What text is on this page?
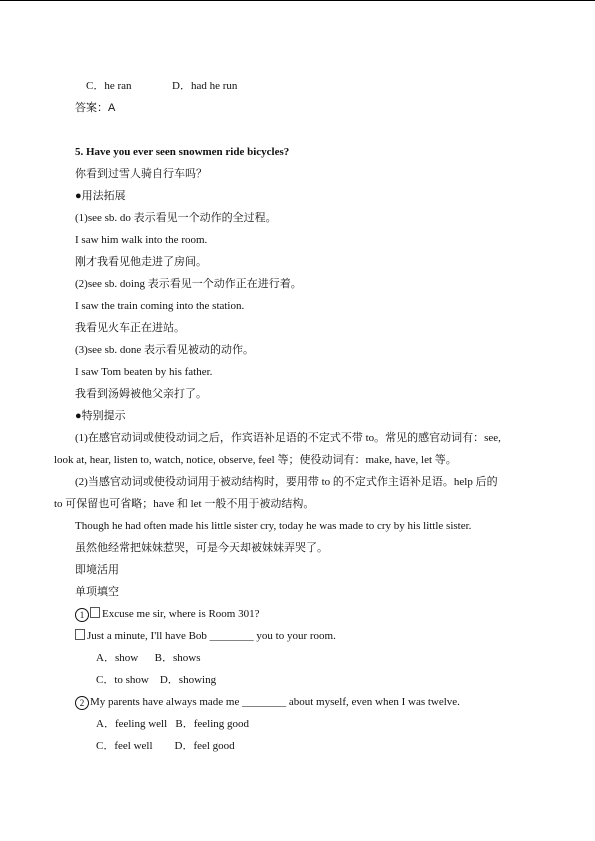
C．he ran	D．had he run
答案：A
5. Have you ever seen snowmen ride bicycles?
你看到过雪人骑自行车吗？
●用法拓展
(1)see sb. do 表示看见一个动作的全过程。
I saw him walk into the room.
刚才我看见他走进了房间。
(2)see sb. doing 表示看见一个动作正在进行着。
I saw the train coming into the station.
我看见火车正在进站。
(3)see sb. done 表示看见被动的动作。
I saw Tom beaten by his father.
我看到汤姆被他父亲打了。
●特别提示
(1)在感官动词或使役动词之后，作宾语补足语的不定式不带 to。常见的感官动词有：see,
look at, hear, listen to, watch, notice, observe, feel 等；使役动词有：make, have, let 等。
(2)当感官动词或使役动词用于被动结构时，要用带 to 的不定式作主语补足语。help 后的
to 可保留也可省略；have 和 let 一般不用于被动结构。
Though he had often made his little sister cry, today he was made to cry by his little sister.
虽然他经常把妹妹惹哭，可是今天却被妹妹弄哭了。
即境活用
单项填空
1 Excuse me sir, where is Room 301?
Just a minute, I'll have Bob ________ you to your room.
A．show      B．shows
C．to show    D．showing
2 My parents have always made me ________ about myself, even when I was twelve.
A．feeling well   B．feeling good
C．feel well        D．feel good
